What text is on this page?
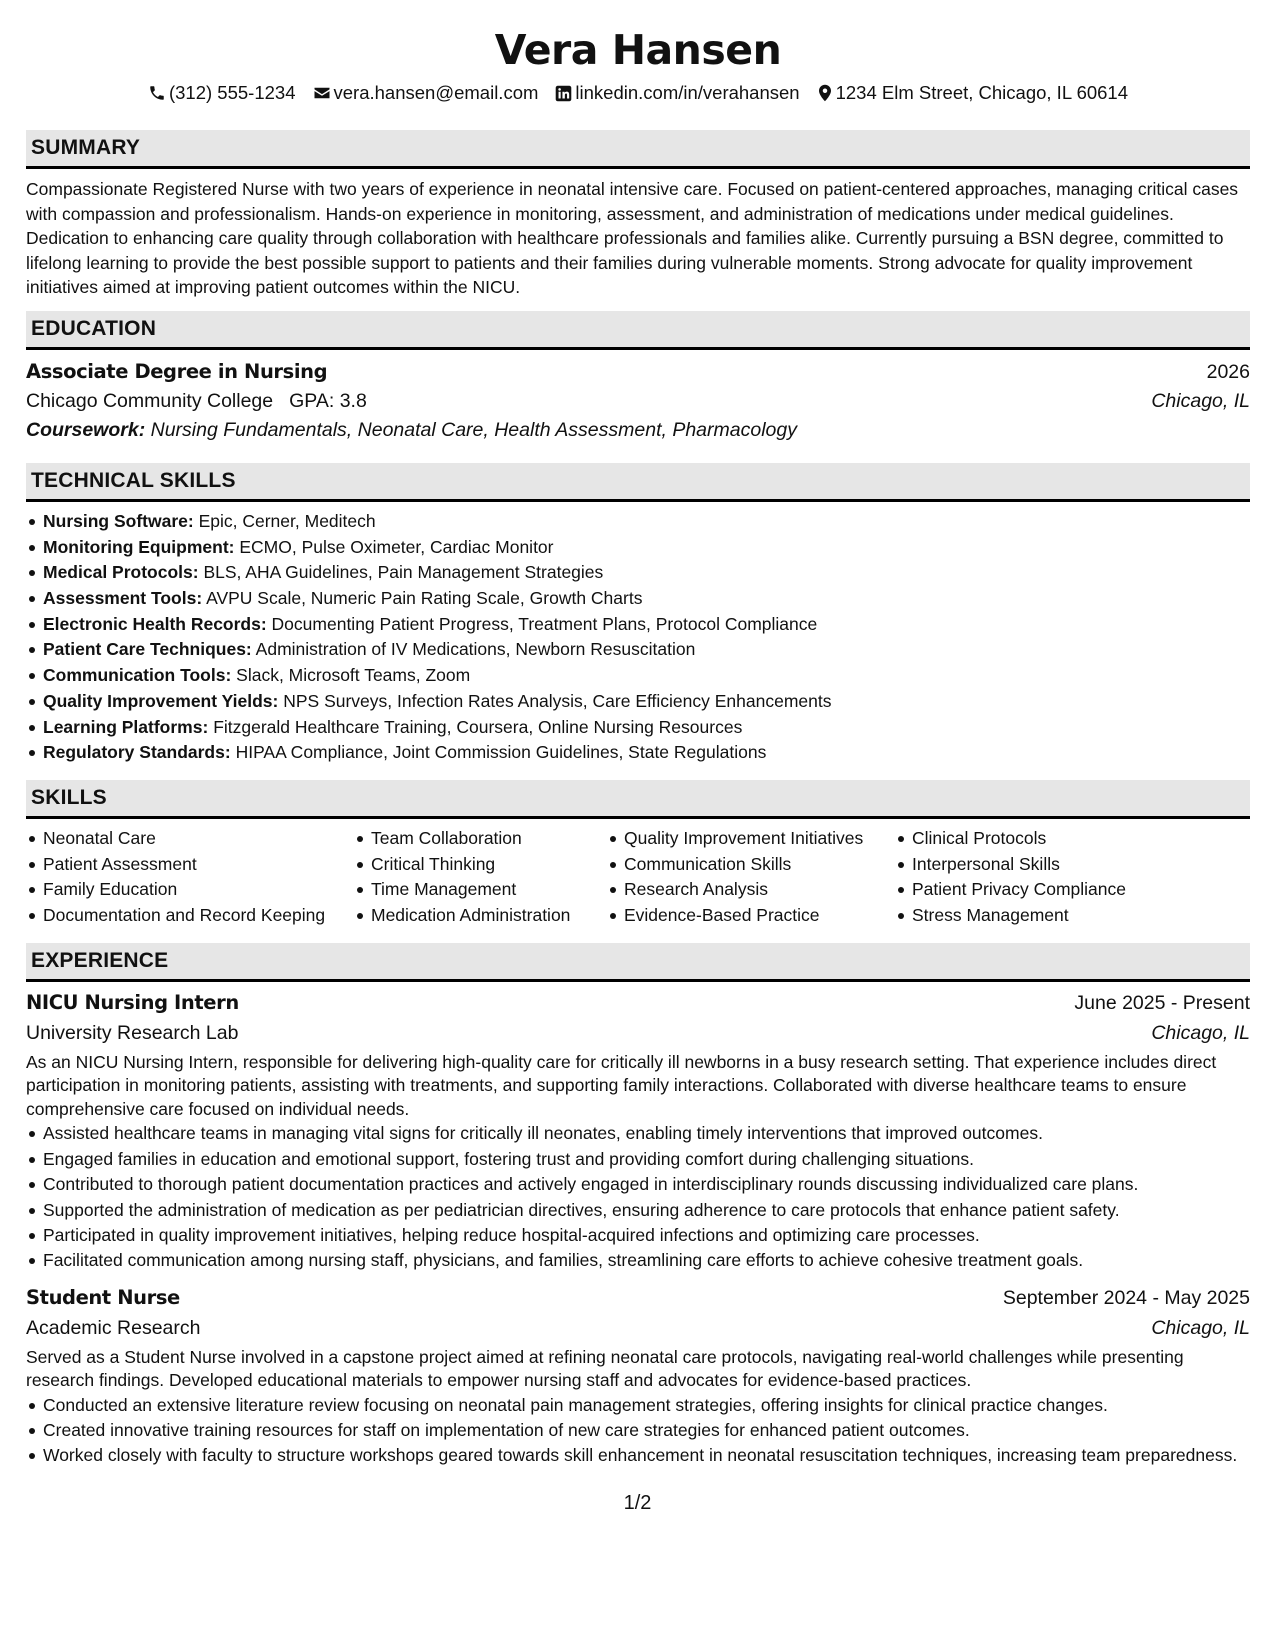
Vera Hansen
(312) 555-1234 vera.hansen@email.com linkedin.com/in/verahansen 1234 Elm Street, Chicago, IL 60614
SUMMARY

Compassionate Registered Nurse with two years of experience in neonatal intensive care. Focused on patient-centered approaches, managing critical cases with compassion and professionalism. Hands-on experience in monitoring, assessment, and administration of medications under medical guidelines. Dedication to enhancing care quality through collaboration with healthcare professionals and families alike. Currently pursuing a BSN degree, committed to lifelong learning to provide the best possible support to patients and their families during vulnerable moments. Strong advocate for quality improvement initiatives aimed at improving patient outcomes within the NICU.

EDUCATION
Associate Degree in Nursing	2026
Chicago Community College GPA: 3.8	Chicago, IL
Coursework: Nursing Fundamentals, Neonatal Care, Health Assessment, Pharmacology
TECHNICAL SKILLS
Nursing Software: Epic, Cerner, Meditech
Monitoring Equipment: ECMO, Pulse Oximeter, Cardiac Monitor
Medical Protocols: BLS, AHA Guidelines, Pain Management Strategies
Assessment Tools: AVPU Scale, Numeric Pain Rating Scale, Growth Charts
Electronic Health Records: Documenting Patient Progress, Treatment Plans, Protocol Compliance
Patient Care Techniques: Administration of IV Medications, Newborn Resuscitation
Communication Tools: Slack, Microsoft Teams, Zoom
Quality Improvement Yields: NPS Surveys, Infection Rates Analysis, Care Efficiency Enhancements
Learning Platforms: Fitzgerald Healthcare Training, Coursera, Online Nursing Resources
Regulatory Standards: HIPAA Compliance, Joint Commission Guidelines, State Regulations
SKILLS
Neonatal Care
Patient Assessment
Family Education
Documentation and Record Keeping
Team Collaboration
Critical Thinking
Time Management
Medication Administration
Quality Improvement Initiatives
Communication Skills
Research Analysis
Evidence-Based Practice
Clinical Protocols
Interpersonal Skills
Patient Privacy Compliance
Stress Management
EXPERIENCE
NICU Nursing Intern	June 2025 - Present
University Research Lab	Chicago, IL

As an NICU Nursing Intern, responsible for delivering high-quality care for critically ill newborns in a busy research setting. That experience includes direct participation in monitoring patients, assisting with treatments, and supporting family interactions. Collaborated with diverse healthcare teams to ensure comprehensive care focused on individual needs.

Assisted healthcare teams in managing vital signs for critically ill neonates, enabling timely interventions that improved outcomes.
Engaged families in education and emotional support, fostering trust and providing comfort during challenging situations.
Contributed to thorough patient documentation practices and actively engaged in interdisciplinary rounds discussing individualized care plans.
Supported the administration of medication as per pediatrician directives, ensuring adherence to care protocols that enhance patient safety.
Participated in quality improvement initiatives, helping reduce hospital-acquired infections and optimizing care processes.
Facilitated communication among nursing staff, physicians, and families, streamlining care efforts to achieve cohesive treatment goals.
Student Nurse	September 2024 - May 2025
Academic Research	Chicago, IL

Served as a Student Nurse involved in a capstone project aimed at refining neonatal care protocols, navigating real-world challenges while presenting research findings. Developed educational materials to empower nursing staff and advocates for evidence-based practices.

Conducted an extensive literature review focusing on neonatal pain management strategies, offering insights for clinical practice changes.
Created innovative training resources for staff on implementation of new care strategies for enhanced patient outcomes.
Worked closely with faculty to structure workshops geared towards skill enhancement in neonatal resuscitation techniques, increasing team preparedness.
1/2
